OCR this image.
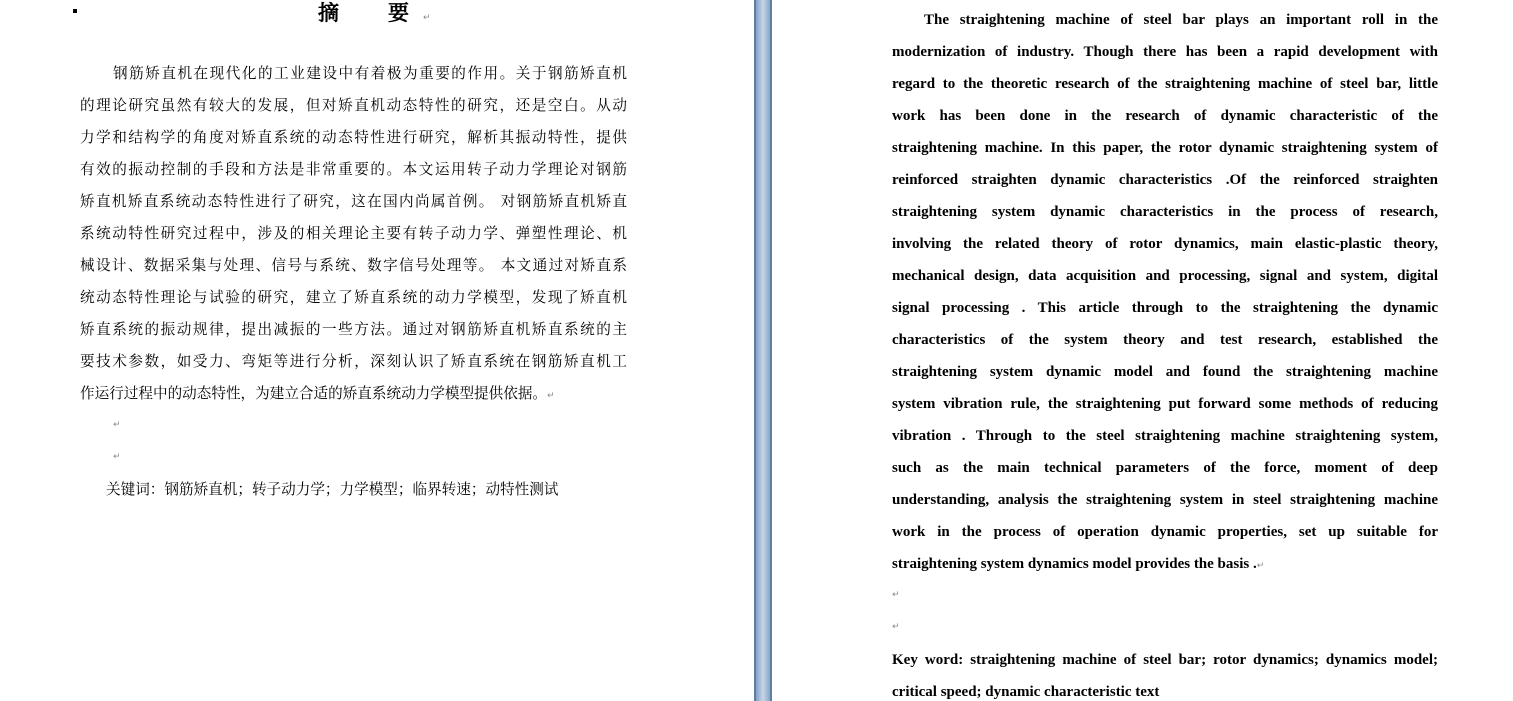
摘　要↵
钢筋矫直机在现代化的工业建设中有着极为重要的作用。关于钢筋矫直机
的理论研究虽然有较大的发展，但对矫直机动态特性的研究，还是空白。从动
力学和结构学的角度对矫直系统的动态特性进行研究，解析其振动特性，提供
有效的振动控制的手段和方法是非常重要的。本文运用转子动力学理论对钢筋
矫直机矫直系统动态特性进行了研究，这在国内尚属首例。 对钢筋矫直机矫直
系统动特性研究过程中，涉及的相关理论主要有转子动力学、弹塑性理论、机
械设计、数据采集与处理、信号与系统、数字信号处理等。 本文通过对矫直系
统动态特性理论与试验的研究，建立了矫直系统的动力学模型，发现了矫直机
矫直系统的振动规律，提出减振的一些方法。通过对钢筋矫直机矫直系统的主
要技术参数，如受力、弯矩等进行分析，深刻认识了矫直系统在钢筋矫直机工
作运行过程中的动态特性，为建立合适的矫直系统动力学模型提供依据。↵
↵
↵
关键词：钢筋矫直机；转子动力学；力学模型；临界转速；动特性测试
The straightening machine of steel bar plays an important roll in the
modernization of industry. Though there has been a rapid development with
regard to the theoretic research of the straightening machine of steel bar, little
work has been done in the research of dynamic characteristic of the
straightening machine. In this paper, the rotor dynamic straightening system of
reinforced straighten dynamic characteristics .Of the reinforced straighten
straightening system dynamic characteristics in the process of research,
involving the related theory of rotor dynamics, main elastic-plastic theory,
mechanical design, data acquisition and processing, signal and system, digital
signal processing . This article through to the straightening the dynamic
characteristics of the system theory and test research, established the
straightening system dynamic model and found the straightening machine
system vibration rule, the straightening put forward some methods of reducing
vibration . Through to the steel straightening machine straightening system,
such as the main technical parameters of the force, moment of deep
understanding, analysis the straightening system in steel straightening machine
work in the process of operation dynamic properties, set up suitable for
straightening system dynamics model provides the basis .↵
↵
↵
Key word: straightening machine of steel bar; rotor dynamics; dynamics model;
critical speed; dynamic characteristic text
